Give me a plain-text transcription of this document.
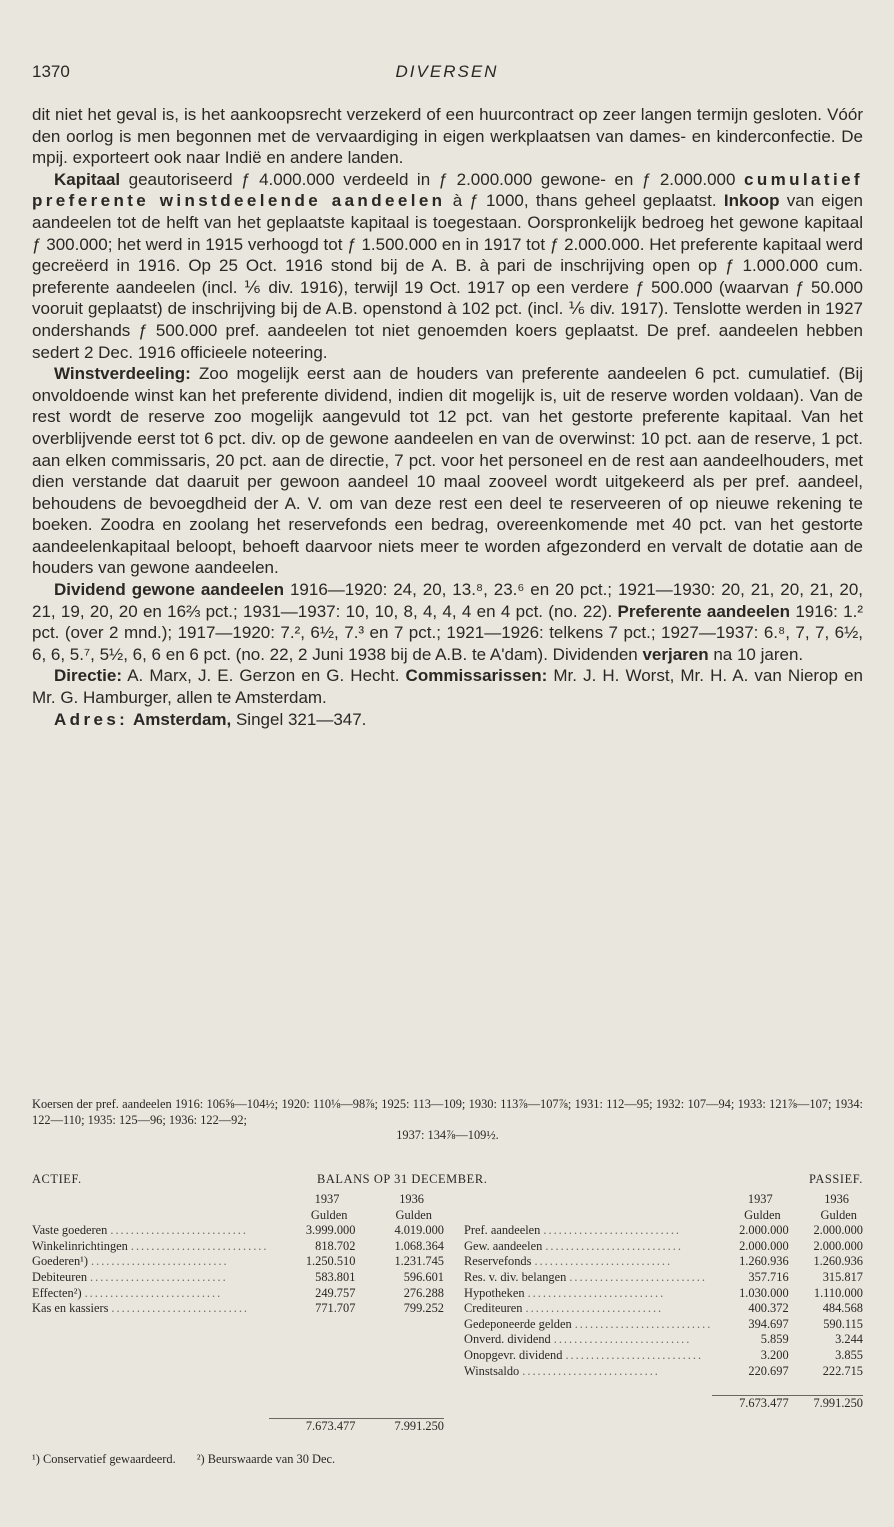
1370	DIVERSEN

dit niet het geval is, is het aankoopsrecht verzekerd of een huurcontract op zeer langen termijn gesloten. Vóór den oorlog is men begonnen met de vervaardiging in eigen werkplaatsen van dames- en kinderconfectie. De mpij. exporteert ook naar Indië en andere landen.

Kapitaal geautoriseerd ƒ 4.000.000 verdeeld in ƒ 2.000.000 gewone- en ƒ 2.000.000 cumulatief preferente winstdeelende aandeelen à ƒ 1000, thans geheel geplaatst. Inkoop van eigen aandeelen tot de helft van het geplaatste kapitaal is toegestaan. Oorspronkelijk bedroeg het gewone kapitaal ƒ 300.000; het werd in 1915 verhoogd tot ƒ 1.500.000 en in 1917 tot ƒ 2.000.000. Het preferente kapitaal werd gecreëerd in 1916. Op 25 Oct. 1916 stond bij de A. B. à pari de inschrijving open op ƒ 1.000.000 cum. preferente aandeelen (incl. ⅙ div. 1916), terwijl 19 Oct. 1917 op een verdere ƒ 500.000 (waarvan ƒ 50.000 vooruit geplaatst) de inschrijving bij de A.B. openstond à 102 pct. (incl. ⅙ div. 1917). Tenslotte werden in 1927 ondershands ƒ 500.000 pref. aandeelen tot niet genoemden koers geplaatst. De pref. aandeelen hebben sedert 2 Dec. 1916 officieele noteering.

Winstverdeeling: Zoo mogelijk eerst aan de houders van preferente aandeelen 6 pct. cumulatief. (Bij onvoldoende winst kan het preferente dividend, indien dit mogelijk is, uit de reserve worden voldaan). Van de rest wordt de reserve zoo mogelijk aangevuld tot 12 pct. van het gestorte preferente kapitaal. Van het overblijvende eerst tot 6 pct. div. op de gewone aandeelen en van de overwinst: 10 pct. aan de reserve, 1 pct. aan elken commissaris, 20 pct. aan de directie, 7 pct. voor het personeel en de rest aan aandeelhouders, met dien verstande dat daaruit per gewoon aandeel 10 maal zooveel wordt uitgekeerd als per pref. aandeel, behoudens de bevoegdheid der A. V. om van deze rest een deel te reserveeren of op nieuwe rekening te boeken. Zoodra en zoolang het reservefonds een bedrag, overeenkomende met 40 pct. van het gestorte aandeelenkapitaal beloopt, behoeft daarvoor niets meer te worden afgezonderd en vervalt de dotatie aan de houders van gewone aandeelen.

Dividend gewone aandeelen 1916—1920: 24, 20, 13.⁸, 23.⁶ en 20 pct.; 1921—1930: 20, 21, 20, 21, 20, 21, 19, 20, 20 en 16⅔ pct.; 1931—1937: 10, 10, 8, 4, 4, 4 en 4 pct. (no. 22). Preferente aandeelen 1916: 1.² pct. (over 2 mnd.); 1917—1920: 7.², 6½, 7.³ en 7 pct.; 1921—1926: telkens 7 pct.; 1927—1937: 6.⁸, 7, 7, 6½, 6, 6, 5.⁷, 5½, 6, 6 en 6 pct. (no. 22, 2 Juni 1938 bij de A.B. te A'dam). Dividenden verjaren na 10 jaren.

Directie: A. Marx, J. E. Gerzon en G. Hecht. Commissarissen: Mr. J. H. Worst, Mr. H. A. van Nierop en Mr. G. Hamburger, allen te Amsterdam.

Adres: Amsterdam, Singel 321—347.

Koersen der pref. aandeelen 1916: 106⅝—104½; 1920: 110⅛—98⅞; 1925: 113—109; 1930: 113⅞—107⅞; 1931: 112—95; 1932: 107—94; 1933: 121⅞—107; 1934: 122—110; 1935: 125—96; 1936: 122—92;
1937: 134⅞—109½.
ACTIEF.	BALANS OP 31 DECEMBER.	PASSIEF.
	1937	1936
	Gulden	Gulden
Vaste goederen ...........................	3.999.000	4.019.000
Winkelinrichtingen ...........................	818.702	1.068.364
Goederen¹) ...........................	1.250.510	1.231.745
Debiteuren ...........................	583.801	596.601
Effecten²) ...........................	249.757	276.288
Kas en kassiers ...........................	771.707	799.252

	7.673.477	7.991.250
	1937	1936
	Gulden	Gulden
Pref. aandeelen ...........................	2.000.000	2.000.000
Gew. aandeelen ...........................	2.000.000	2.000.000
Reservefonds ...........................	1.260.936	1.260.936
Res. v. div. belangen ...........................	357.716	315.817
Hypotheken ...........................	1.030.000	1.110.000
Crediteuren ...........................	400.372	484.568
Gedeponeerde gelden ...........................	394.697	590.115
Onverd. dividend ...........................	5.859	3.244
Onopgevr. dividend ...........................	3.200	3.855
Winstsaldo ...........................	220.697	222.715

	7.673.477	7.991.250
¹) Conservatief gewaardeerd. ²) Beurswaarde van 30 Dec.
